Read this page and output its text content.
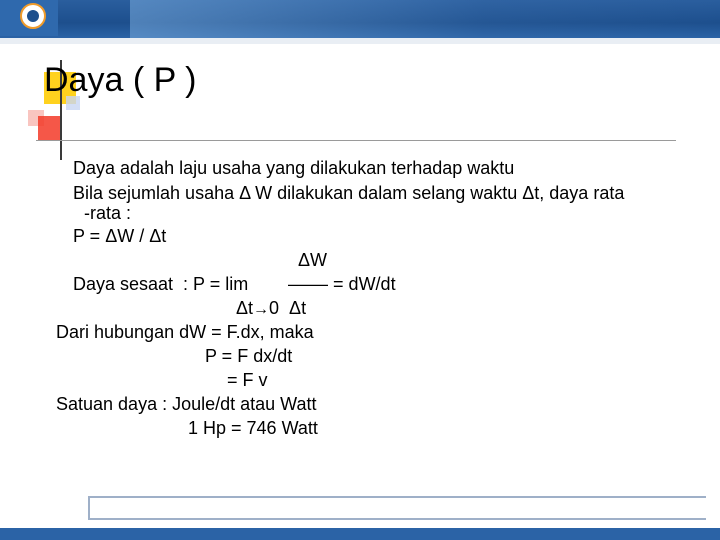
Daya ( P )
Daya adalah laju usaha yang dilakukan terhadap waktu
Bila sejumlah usaha Δ W dilakukan dalam selang waktu Δt, daya rata
-rata :
P = ΔW / Δt
ΔW
Daya sesaat  : P = lim –––– = dW/dt
Δt→0  Δt
Dari hubungan dW = F.dx, maka
P = F dx/dt
= F v
Satuan daya : Joule/dt atau Watt
1 Hp = 746 Watt
